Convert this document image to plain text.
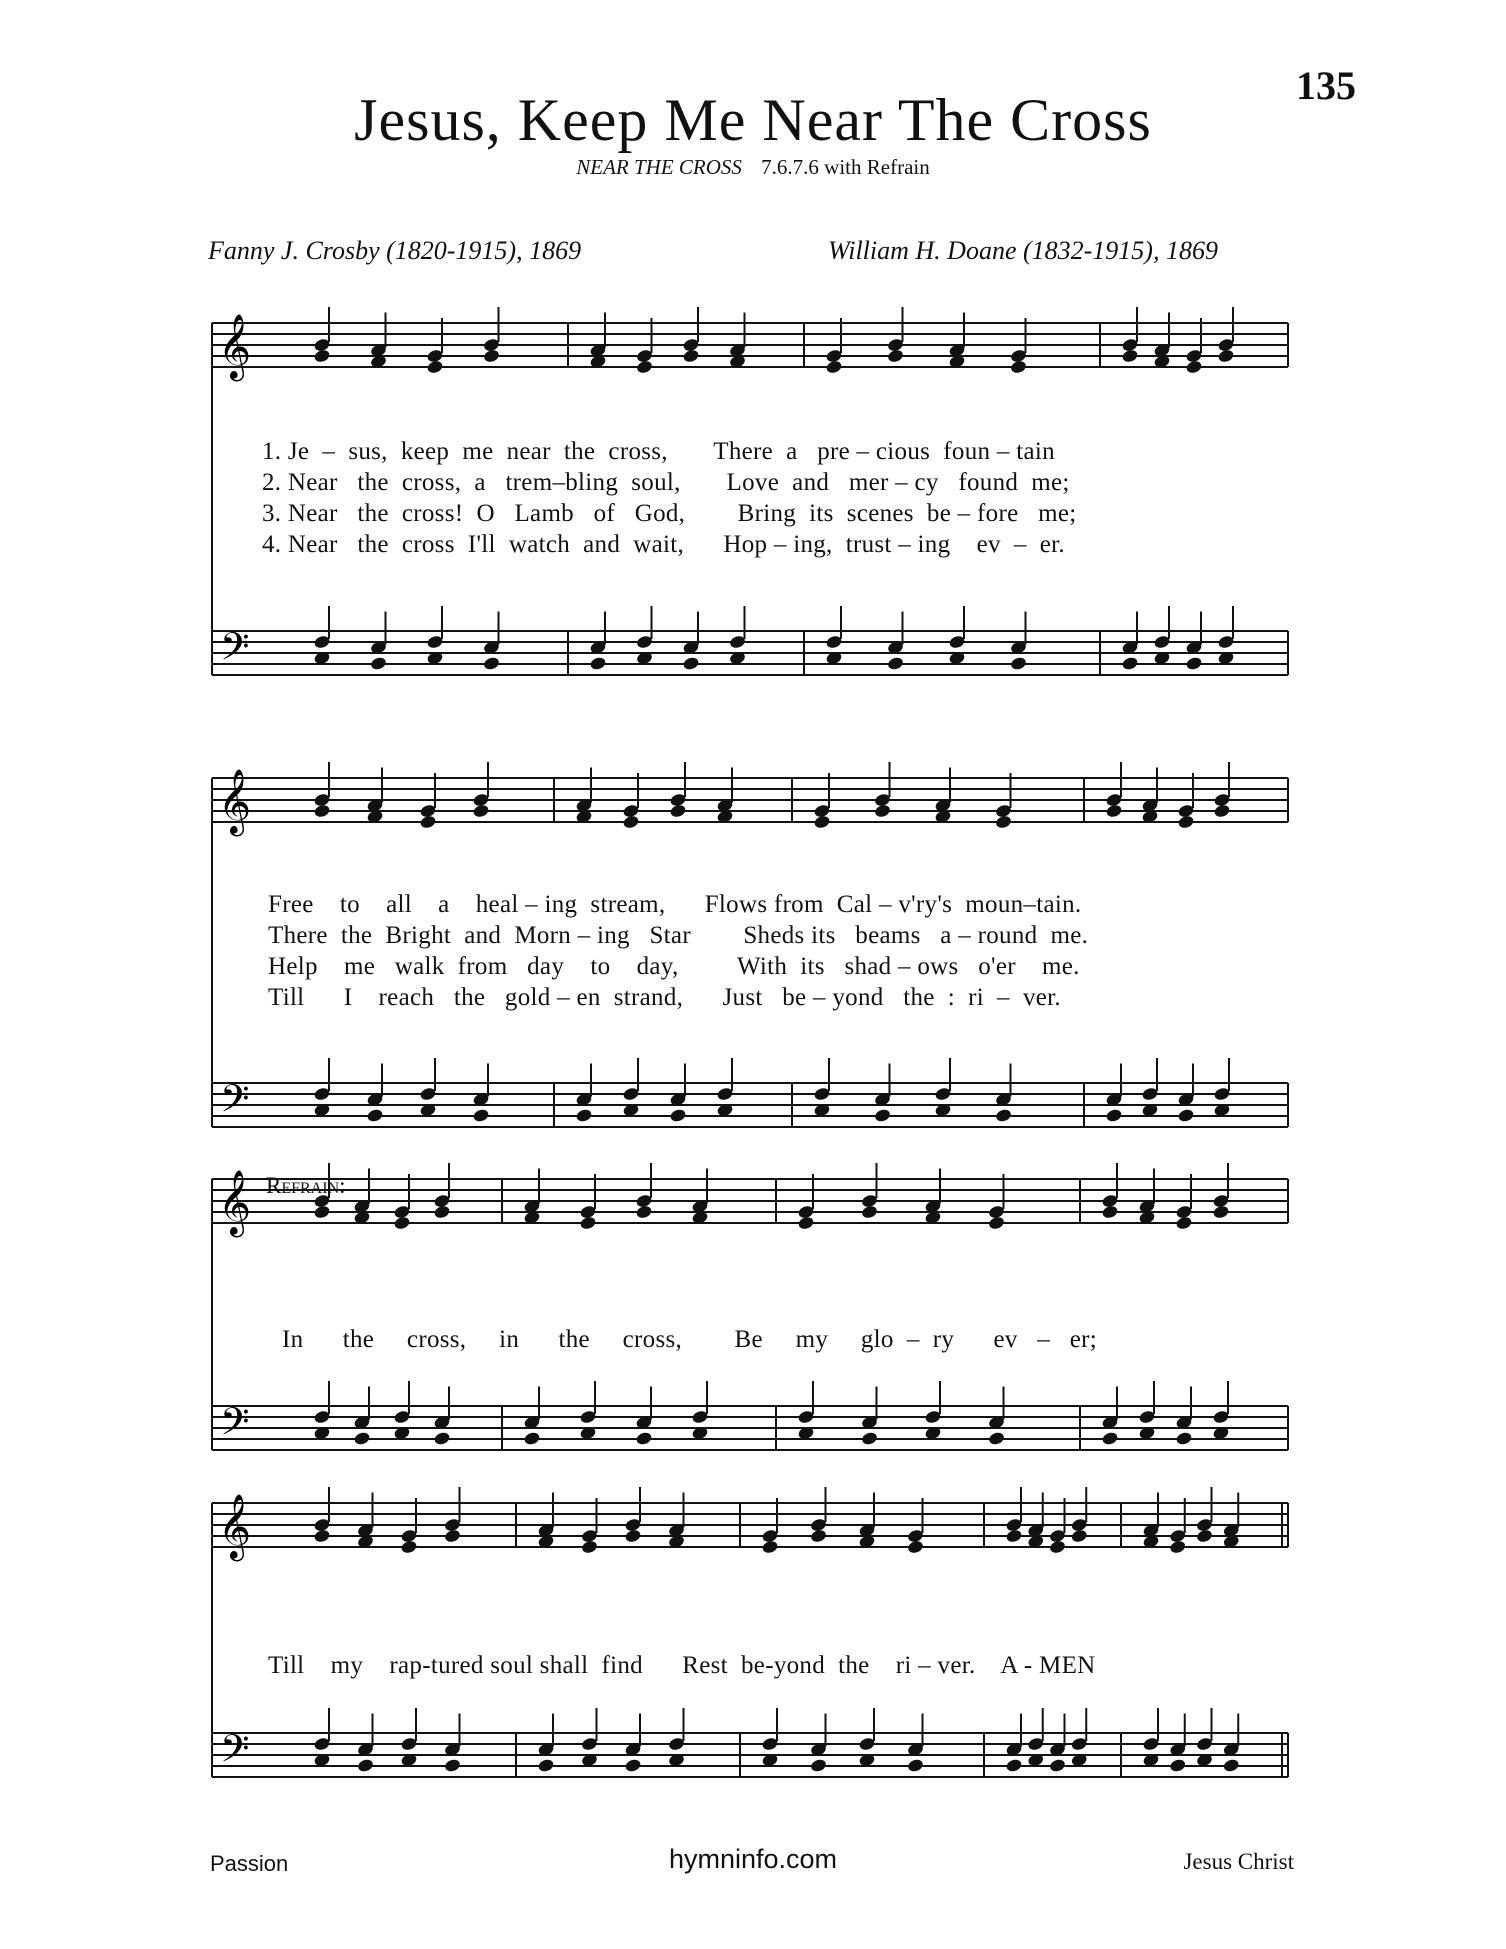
135
Jesus, Keep Me Near The Cross
NEAR THE CROSS 7.6.7.6 with Refrain
Fanny J. Crosby (1820-1915), 1869	William H. Doane (1832-1915), 1869
𝄞
𝄢
𝄞
𝄢
𝄞
𝄢
𝄞
𝄢
Refrain:
1. Je  –  sus,  keep  me  near  the  cross,       There  a   pre – cious  foun – tain
2. Near   the  cross,  a   trem–bling  soul,       Love  and   mer – cy   found  me;
3. Near   the  cross!  O   Lamb   of   God,        Bring  its  scenes  be – fore   me;
4. Near   the  cross  I'll  watch  and  wait,      Hop – ing,  trust – ing    ev  –  er.
Free    to    all    a    heal – ing  stream,      Flows from  Cal – v'ry's  moun–tain.
There  the  Bright  and  Morn – ing   Star        Sheds its   beams   a – round  me.
Help    me   walk  from   day    to    day,         With  its   shad – ows   o'er    me.
Till      I    reach   the   gold – en  strand,      Just   be – yond   the  :  ri  –  ver.
In      the     cross,     in      the     cross,        Be     my     glo  –  ry      ev   –   er;
Till    my    rap-tured soul shall  find      Rest  be-yond  the    ri – ver.    A - MEN
Passion	hymninfo.com	Jesus Christ
